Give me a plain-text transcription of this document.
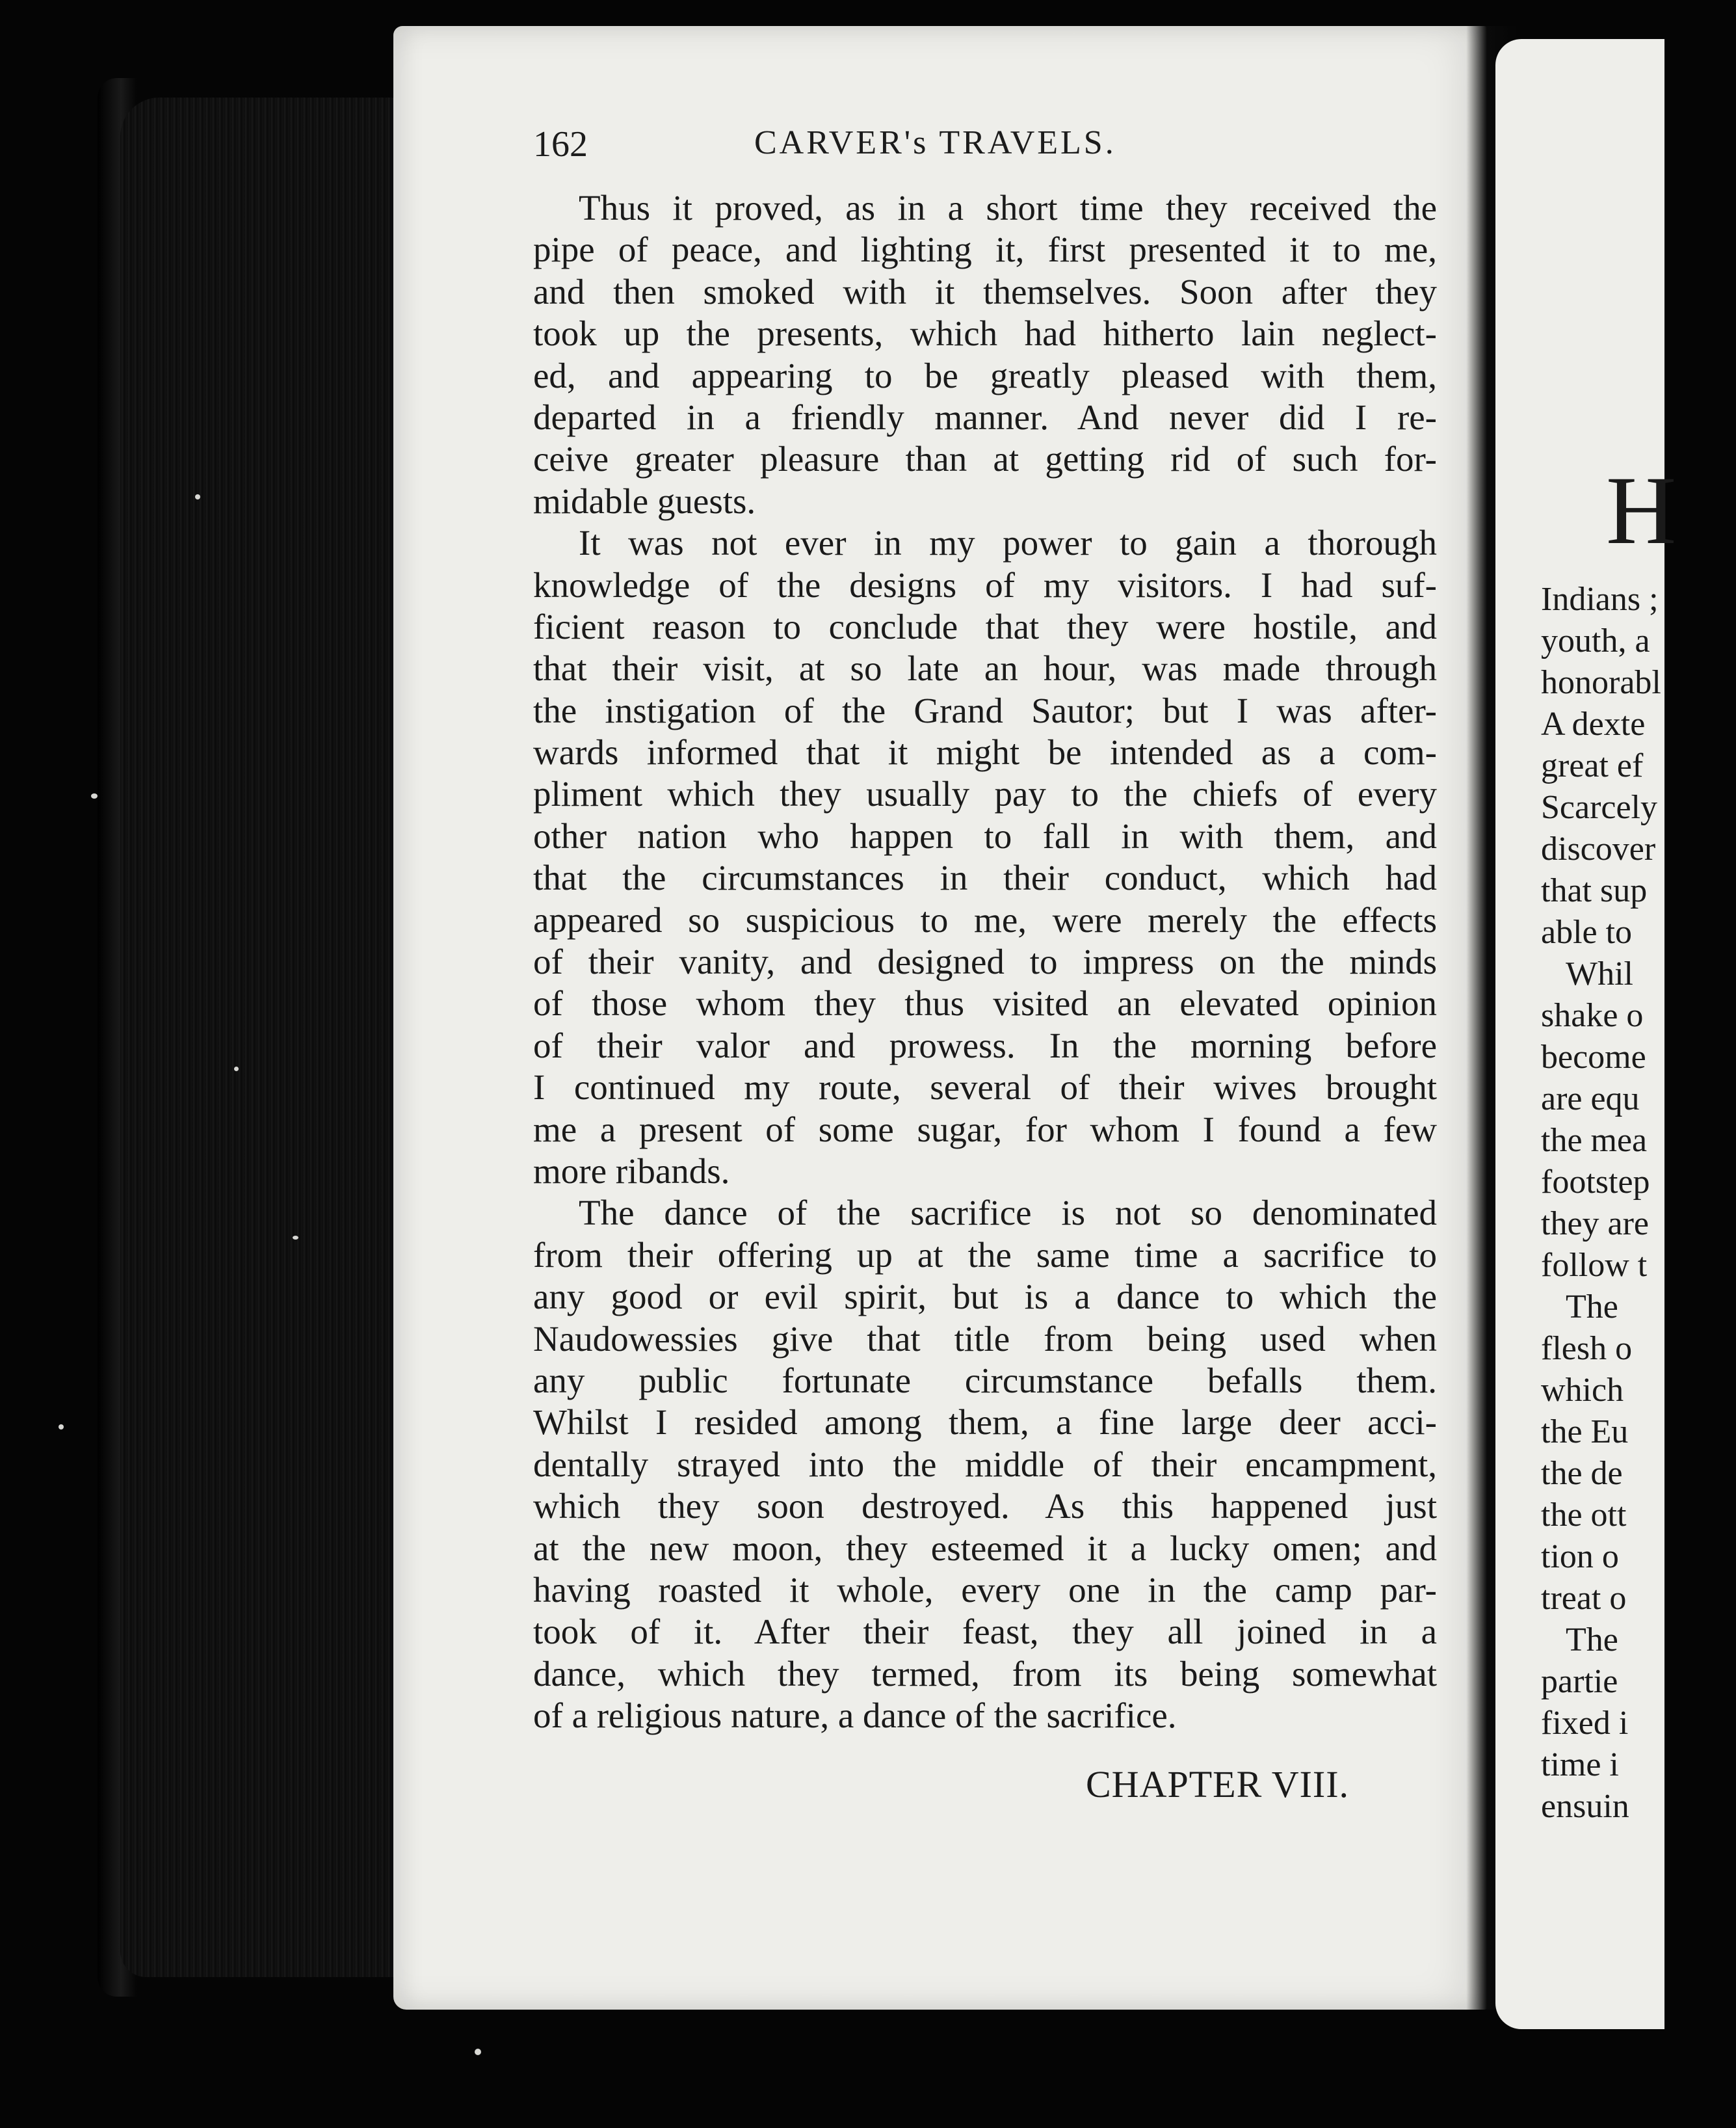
H
Indians ;
youth, a
honorabl
A dexte
great ef
Scarcely
discover
that sup
able to
Whil
shake o
become
are equ
the mea
footstep
they are
follow t
The
flesh o
which
the Eu
the de
the ott
tion o
treat o
The
partie
fixed i
time i
ensuin
162	CARVER's TRAVELS.
Thus it proved, as in a short time they received the
pipe of peace, and lighting it, first presented it to me,
and then smoked with it themselves. Soon after they
took up the presents, which had hitherto lain neglect-
ed, and appearing to be greatly pleased with them,
departed in a friendly manner. And never did I re-
ceive greater pleasure than at getting rid of such for-
midable guests.
It was not ever in my power to gain a thorough
knowledge of the designs of my visitors. I had suf-
ficient reason to conclude that they were hostile, and
that their visit, at so late an hour, was made through
the instigation of the Grand Sautor; but I was after-
wards informed that it might be intended as a com-
pliment which they usually pay to the chiefs of every
other nation who happen to fall in with them, and
that the circumstances in their conduct, which had
appeared so suspicious to me, were merely the effects
of their vanity, and designed to impress on the minds
of those whom they thus visited an elevated opinion
of their valor and prowess. In the morning before
I continued my route, several of their wives brought
me a present of some sugar, for whom I found a few
more ribands.
The dance of the sacrifice is not so denominated
from their offering up at the same time a sacrifice to
any good or evil spirit, but is a dance to which the
Naudowessies give that title from being used when
any public fortunate circumstance befalls them.
Whilst I resided among them, a fine large deer acci-
dentally strayed into the middle of their encampment,
which they soon destroyed. As this happened just
at the new moon, they esteemed it a lucky omen; and
having roasted it whole, every one in the camp par-
took of it. After their feast, they all joined in a
dance, which they termed, from its being somewhat
of a religious nature, a dance of the sacrifice.
CHAPTER VIII.
